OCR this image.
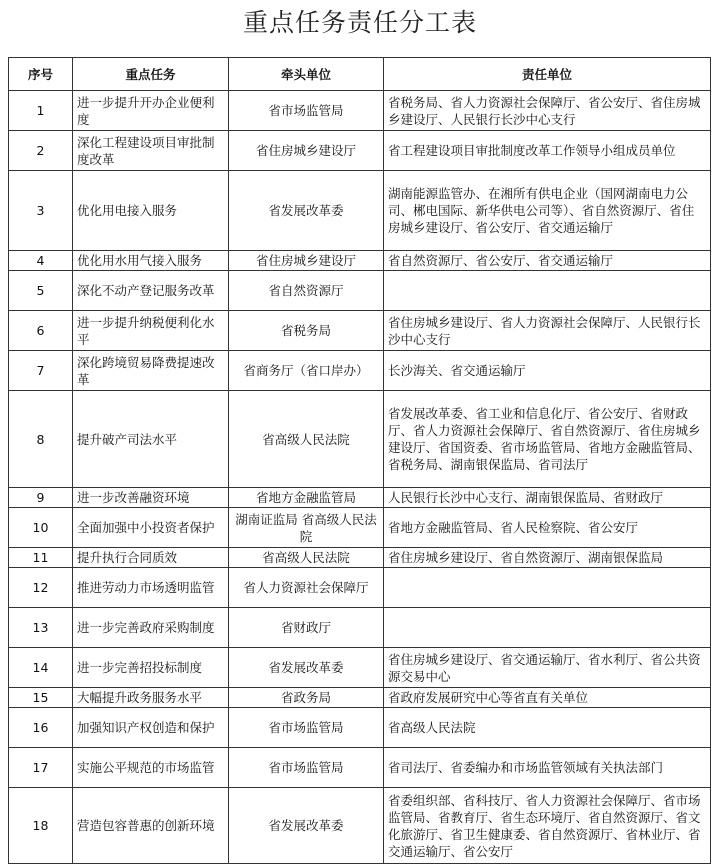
重点任务责任分工表
序号	重点任务	牵头单位	责任单位
1	进一步提升开办企业便利度	省市场监管局	省税务局、省人力资源社会保障厅、省公安厅、省住房城乡建设厅、人民银行长沙中心支行
2	深化工程建设项目审批制度改革	省住房城乡建设厅	省工程建设项目审批制度改革工作领导小组成员单位
3	优化用电接入服务	省发展改革委	湖南能源监管办、在湘所有供电企业（国网湖南电力公司、郴电国际、新华供电公司等）、省自然资源厅、省住房城乡建设厅、省公安厅、省交通运输厅
4	优化用水用气接入服务	省住房城乡建设厅	省自然资源厅、省公安厅、省交通运输厅
5	深化不动产登记服务改革	省自然资源厅	
6	进一步提升纳税便利化水平	省税务局	省住房城乡建设厅、省人力资源社会保障厅、人民银行长沙中心支行
7	深化跨境贸易降费提速改革	省商务厅（省口岸办）	长沙海关、省交通运输厅
8	提升破产司法水平	省高级人民法院	省发展改革委、省工业和信息化厅、省公安厅、省财政厅、省人力资源社会保障厅、省自然资源厅、省住房城乡建设厅、省国资委、省市场监管局、省地方金融监管局、省税务局、湖南银保监局、省司法厅
9	进一步改善融资环境	省地方金融监管局	人民银行长沙中心支行、湖南银保监局、省财政厅
10	全面加强中小投资者保护	湖南证监局 省高级人民法院	省地方金融监管局、省人民检察院、省公安厅
11	提升执行合同质效	省高级人民法院	省住房城乡建设厅、省自然资源厅、湖南银保监局
12	推进劳动力市场透明监管	省人力资源社会保障厅	
13	进一步完善政府采购制度	省财政厅	
14	进一步完善招投标制度	省发展改革委	省住房城乡建设厅、省交通运输厅、省水利厅、省公共资源交易中心
15	大幅提升政务服务水平	省政务局	省政府发展研究中心等省直有关单位
16	加强知识产权创造和保护	省市场监管局	省高级人民法院
17	实施公平规范的市场监管	省市场监管局	省司法厅、省委编办和市场监管领域有关执法部门
18	营造包容普惠的创新环境	省发展改革委	省委组织部、省科技厅、省人力资源社会保障厅、省市场监管局、省教育厅、省生态环境厅、省自然资源厅、省文化旅游厅、省卫生健康委、省自然资源厅、省林业厅、省交通运输厅、省公安厅
